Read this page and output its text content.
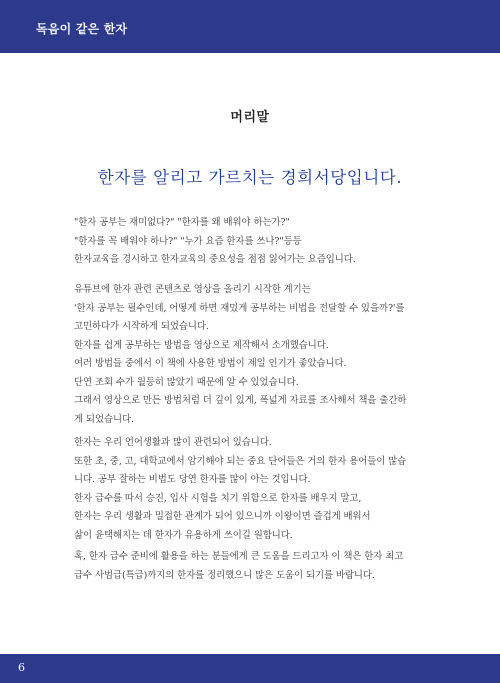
독음이 같은 한자
머리말
한자를 알리고 가르치는 경희서당입니다.
"한자 공부는 재미없다?" "한자를 왜 배워야 하는가?"
"한자를 꼭 배워야 하나?" "누가 요즘 한자를 쓰나?"등등
한자교육을 경시하고 한자교육의 중요성을 점점 잃어가는 요즘입니다.
유튜브에 한자 관련 콘텐츠로 영상을 올리기 시작한 계기는
'한자 공부는 필수인데, 어떻게 하면 재밌게 공부하는 비법을 전달할 수 있을까?'를
고민하다가 시작하게 되었습니다.
한자를 쉽게 공부하는 방법을 영상으로 제작해서 소개했습니다.
여러 방법들 중에서 이 책에 사용한 방법이 제일 인기가 좋았습니다.
단연 조회 수가 월등히 많았기 때문에 알 수 있었습니다.
그래서 영상으로 만든 방법처럼 더 깊이 있게, 폭넓게 자료를 조사해서 책을 출간하
게 되었습니다.
한자는 우리 언어생활과 많이 관련되어 있습니다.
또한 초, 중, 고, 대학교에서 암기해야 되는 중요 단어들은 거의 한자 용어들이 많습
니다. 공부 잘하는 비법도 당연 한자를 많이 아는 것입니다.
한자 급수를 따서 승진, 입사 시험을 치기 위함으로 한자를 배우지 말고,
한자는 우리 생활과 밀접한 관계가 되어 있으니까 이왕이면 즐겁게 배워서
삶이 윤택해지는 데 한자가 유용하게 쓰이길 원합니다.
혹, 한자 급수 준비에 활용을 하는 분들에게 큰 도움을 드리고자 이 책은 한자 최고
급수 사범급(특급)까지의 한자를 정리했으니 많은 도움이 되기를 바랍니다.
6
